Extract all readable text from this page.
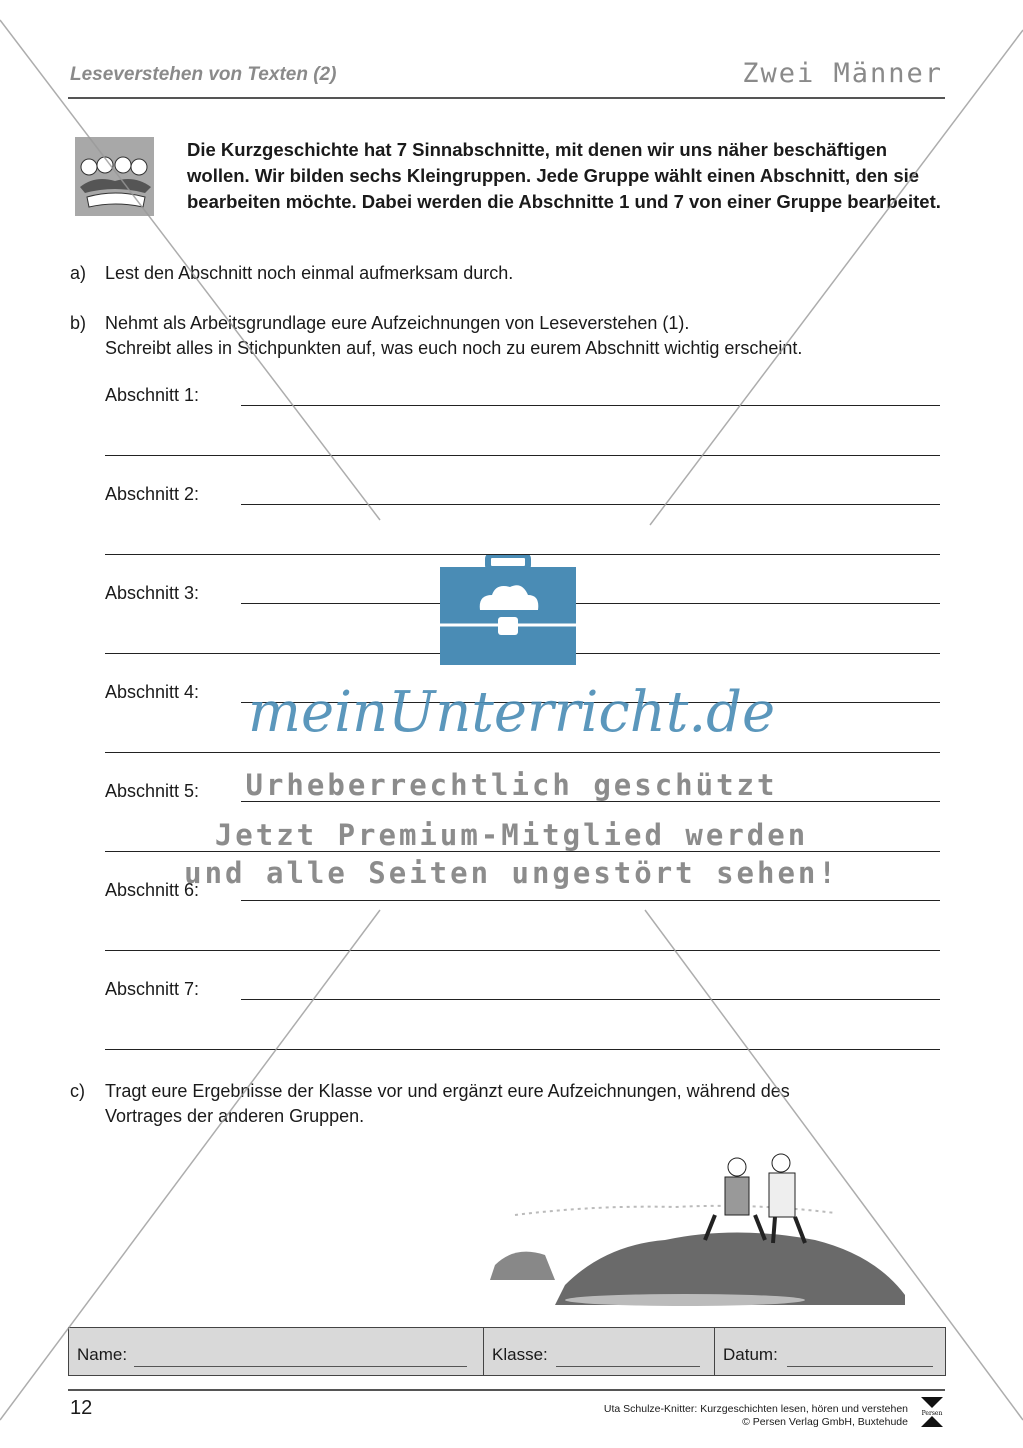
Leseverstehen von Texten (2)	Zwei Männer
Die Kurzgeschichte hat 7 Sinnabschnitte, mit denen wir uns näher beschäftigen wollen. Wir bilden sechs Kleingruppen. Jede Gruppe wählt einen Abschnitt, den sie bearbeiten möchte. Dabei werden die Abschnitte 1 und 7 von einer Gruppe bearbeitet.
a) Lest den Abschnitt noch einmal aufmerksam durch.
b) Nehmt als Arbeitsgrundlage eure Aufzeichnungen von Leseverstehen (1).
Schreibt alles in Stichpunkten auf, was euch noch zu eurem Abschnitt wichtig erscheint.
Abschnitt 1:
Abschnitt 2:
Abschnitt 3:
Abschnitt 4:
Abschnitt 5:
Abschnitt 6:
Abschnitt 7:
c) Tragt eure Ergebnisse der Klasse vor und ergänzt eure Aufzeichnungen, während des
Vortrages der anderen Gruppen.
Name:	Klasse:	Datum:
12	Uta Schulze-Knitter: Kurzgeschichten lesen, hören und verstehen
© Persen Verlag GmbH, Buxtehude
Persen
meinUnterricht.de
Urheberrechtlich geschützt
Jetzt Premium-Mitglied werden
und alle Seiten ungestört sehen!
